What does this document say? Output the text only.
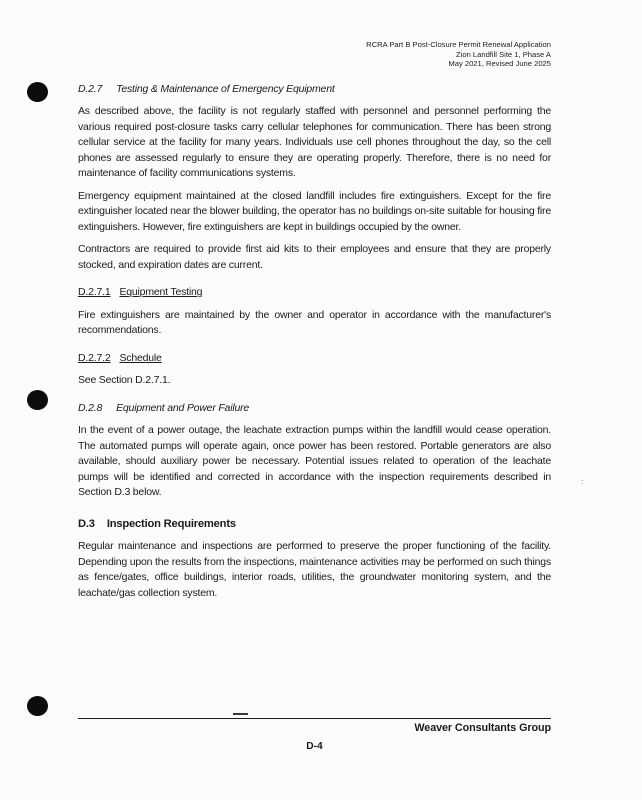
RCRA Part B Post-Closure Permit Renewal Application
Zion Landfill Site 1, Phase A
May 2021, Revised June 2025
D.2.7 Testing & Maintenance of Emergency Equipment

As described above, the facility is not regularly staffed with personnel and personnel performing the various required post-closure tasks carry cellular telephones for communication. There has been strong cellular service at the facility for many years. Individuals use cell phones throughout the day, so the cell phones are assessed regularly to ensure they are operating properly. Therefore, there is no need for maintenance of facility communications systems.

Emergency equipment maintained at the closed landfill includes fire extinguishers. Except for the fire extinguisher located near the blower building, the operator has no buildings on-site suitable for housing fire extinguishers. However, fire extinguishers are kept in buildings occupied by the owner.

Contractors are required to provide first aid kits to their employees and ensure that they are properly stocked, and expiration dates are current.

D.2.7.1 Equipment Testing

Fire extinguishers are maintained by the owner and operator in accordance with the manufacturer's recommendations.

D.2.7.2 Schedule

See Section D.2.7.1.

D.2.8 Equipment and Power Failure

In the event of a power outage, the leachate extraction pumps within the landfill would cease operation. The automated pumps will operate again, once power has been restored. Portable generators are also available, should auxiliary power be necessary. Potential issues related to operation of the leachate pumps will be identified and corrected in accordance with the inspection requirements described in Section D.3 below.

D.3 Inspection Requirements

Regular maintenance and inspections are performed to preserve the proper functioning of the facility. Depending upon the results from the inspections, maintenance activities may be performed on such things as fence/gates, office buildings, interior roads, utilities, the groundwater monitoring system, and the leachate/gas collection system.

. .
Weaver Consultants Group
D-4
